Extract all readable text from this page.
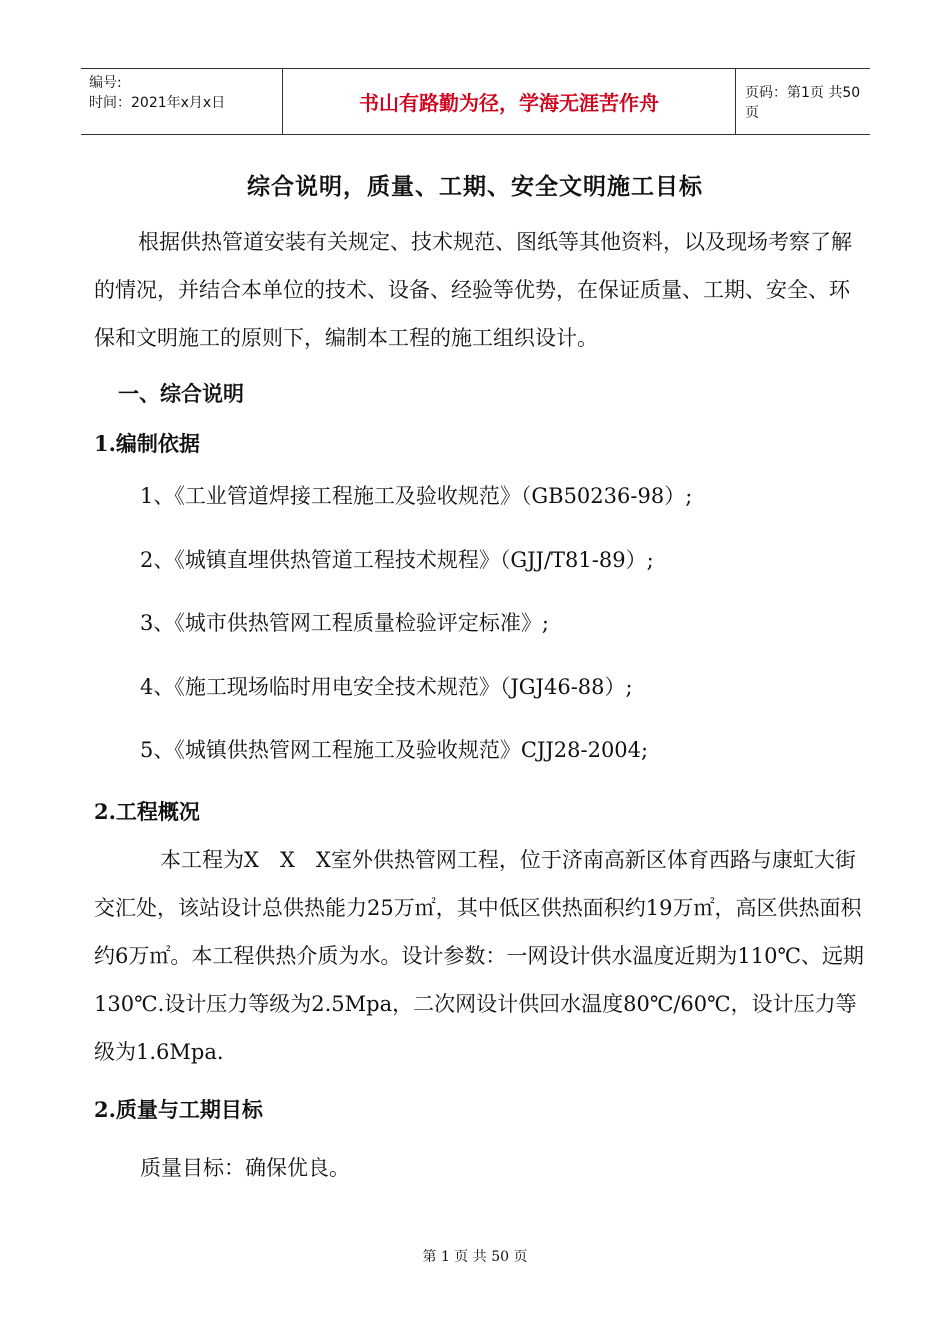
编号:
时间：2021年x月x日	书山有路勤为径，学海无涯苦作舟	页码：第1页 共50页
综合说明，质量、工期、安全文明施工目标

根据供热管道安装有关规定、技术规范、图纸等其他资料，以及现场考察了解的情况，并结合本单位的技术、设备、经验等优势，在保证质量、工期、安全、环保和文明施工的原则下，编制本工程的施工组织设计。

一、综合说明
1.编制依据
1、《工业管道焊接工程施工及验收规范》（GB50236-98）;
2、《城镇直埋供热管道工程技术规程》（GJJ/T81-89）;
3、《城市供热管网工程质量检验评定标准》;
4、《施工现场临时用电安全技术规范》（JGJ46-88）;
5、《城镇供热管网工程施工及验收规范》CJJ28-2004;
2.工程概况

本工程为X　X　X室外供热管网工程，位于济南高新区体育西路与康虹大街交汇处，该站设计总供热能力25万㎡，其中低区供热面积约19万㎡，高区供热面积约6万㎡。本工程供热介质为水。设计参数：一网设计供水温度近期为110℃、远期130℃.设计压力等级为2.5Mpa，二次网设计供回水温度80℃/60℃，设计压力等级为1.6Mpa.

2.质量与工期目标
质量目标：确保优良。
第 1 页 共 50 页
